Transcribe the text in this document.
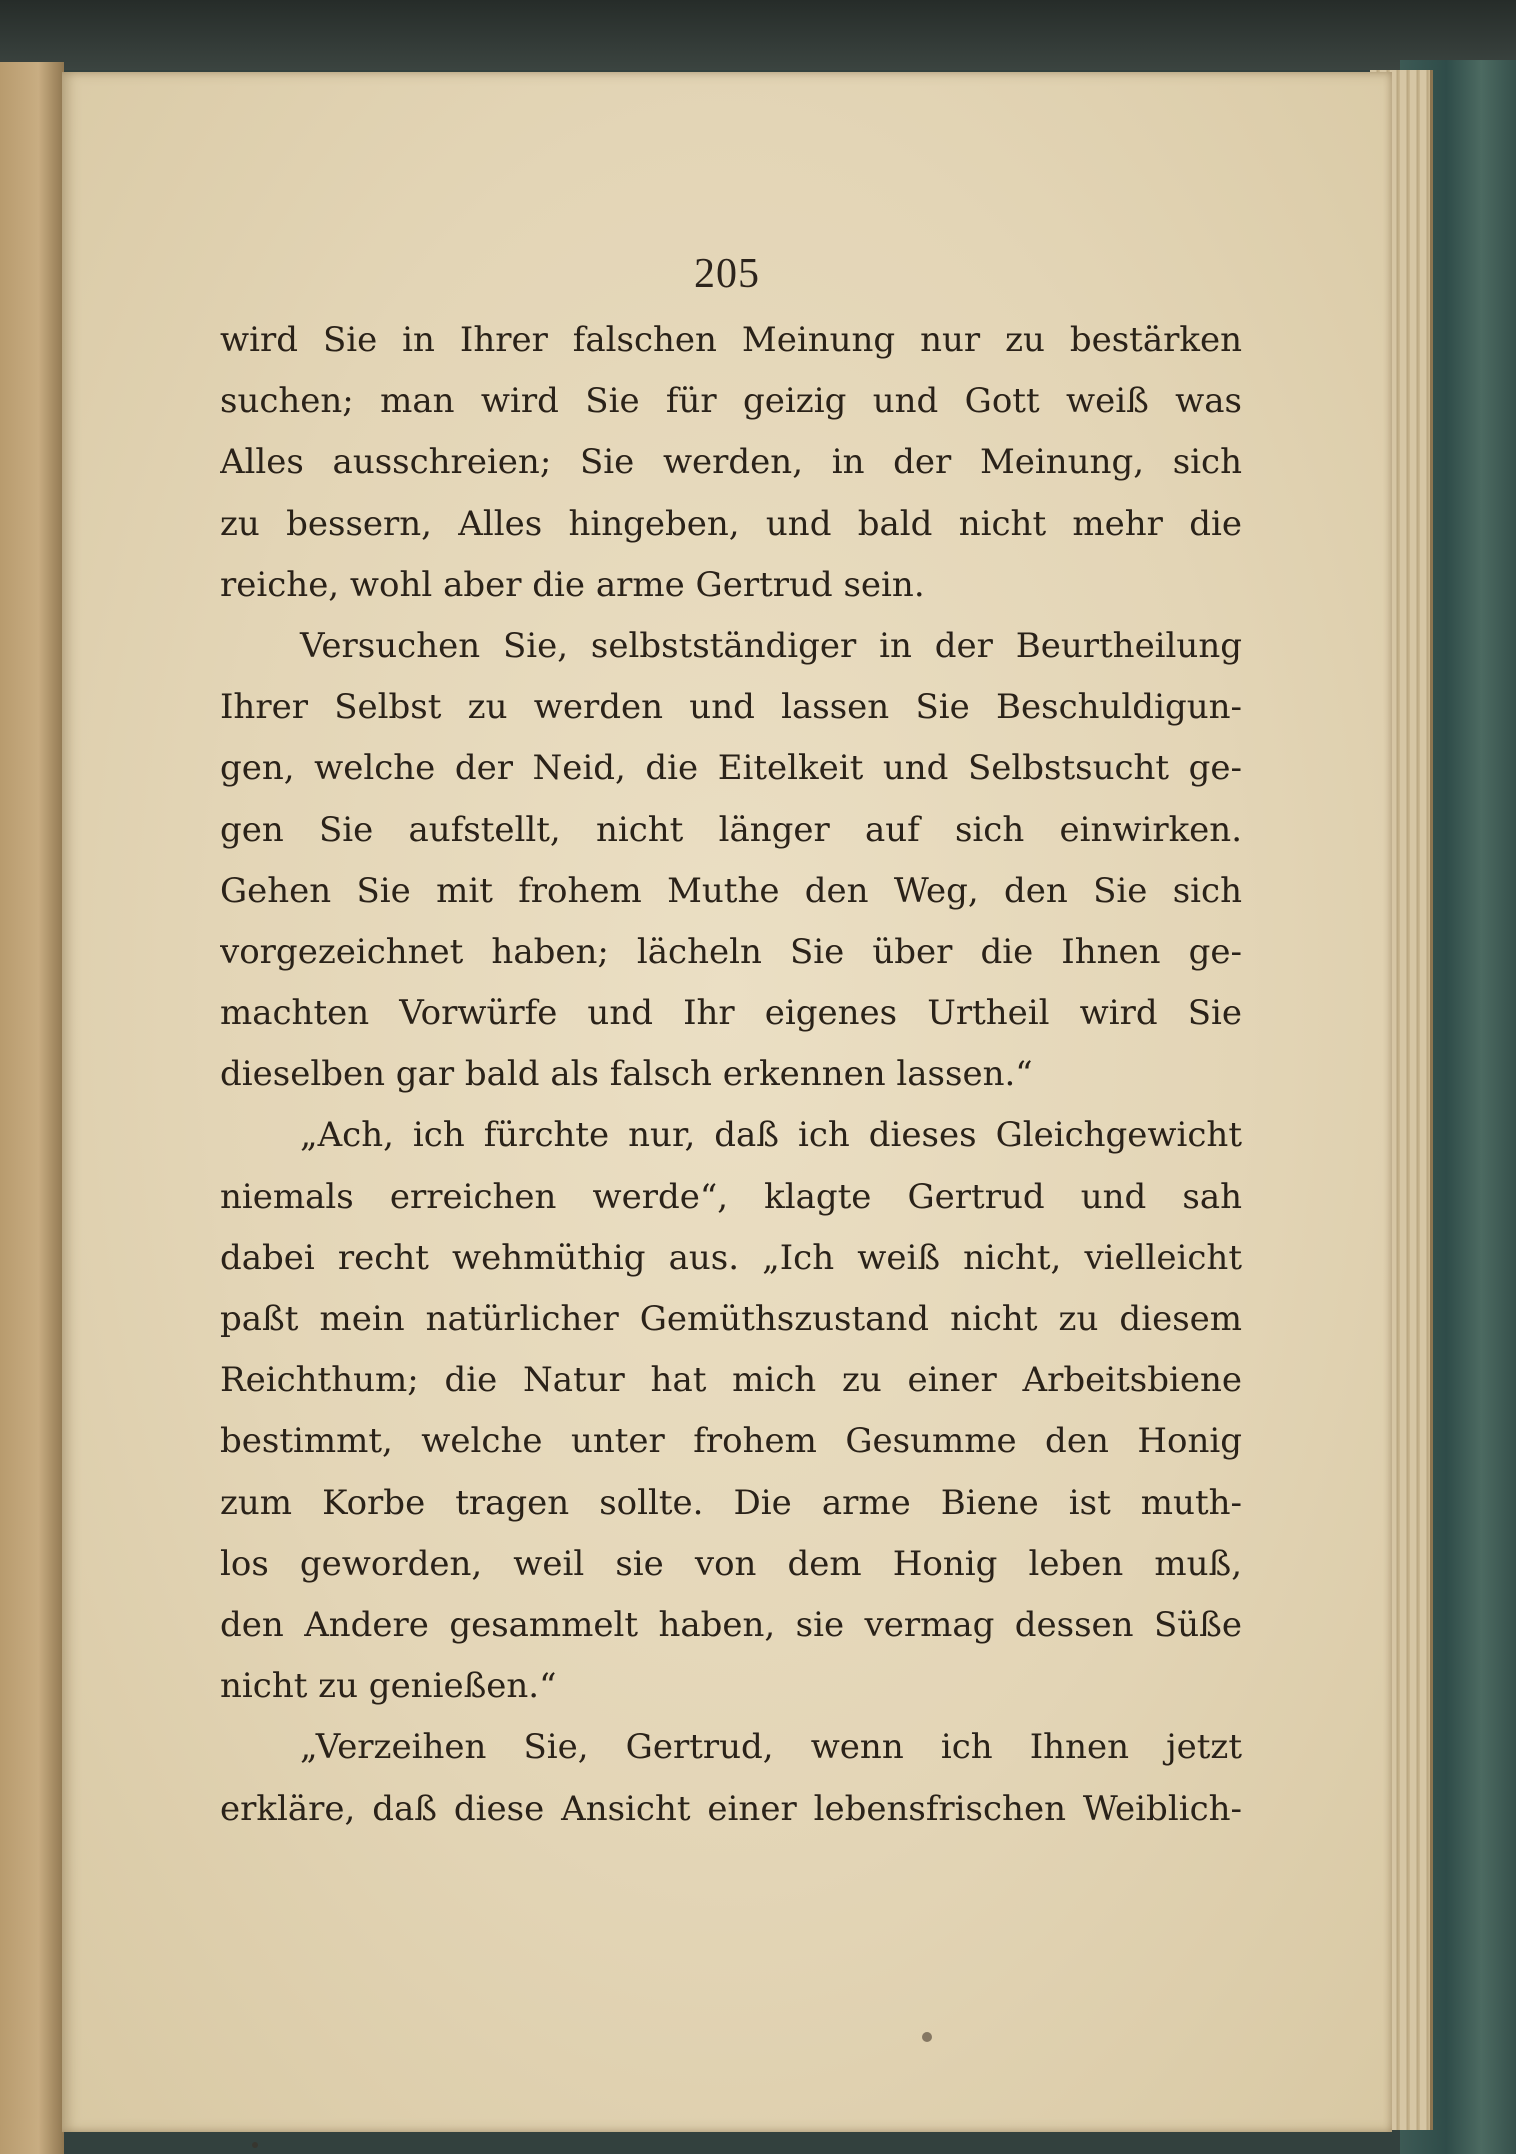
205
wird Sie in Ihrer falschen Meinung nur zu bestärken
suchen; man wird Sie für geizig und Gott weiß was
Alles ausschreien; Sie werden, in der Meinung, sich
zu bessern, Alles hingeben, und bald nicht mehr die
reiche, wohl aber die arme Gertrud sein.
Versuchen Sie, selbstständiger in der Beurtheilung
Ihrer Selbst zu werden und lassen Sie Beschuldigun-
gen, welche der Neid, die Eitelkeit und Selbstsucht ge-
gen Sie aufstellt, nicht länger auf sich einwirken.
Gehen Sie mit frohem Muthe den Weg, den Sie sich
vorgezeichnet haben; lächeln Sie über die Ihnen ge-
machten Vorwürfe und Ihr eigenes Urtheil wird Sie
dieselben gar bald als falsch erkennen lassen.“
„Ach, ich fürchte nur, daß ich dieses Gleichgewicht
niemals erreichen werde“, klagte Gertrud und sah
dabei recht wehmüthig aus. „Ich weiß nicht, vielleicht
paßt mein natürlicher Gemüthszustand nicht zu diesem
Reichthum; die Natur hat mich zu einer Arbeitsbiene
bestimmt, welche unter frohem Gesumme den Honig
zum Korbe tragen sollte. Die arme Biene ist muth-
los geworden, weil sie von dem Honig leben muß,
den Andere gesammelt haben, sie vermag dessen Süße
nicht zu genießen.“
„Verzeihen Sie, Gertrud, wenn ich Ihnen jetzt
erkläre, daß diese Ansicht einer lebensfrischen Weiblich-
